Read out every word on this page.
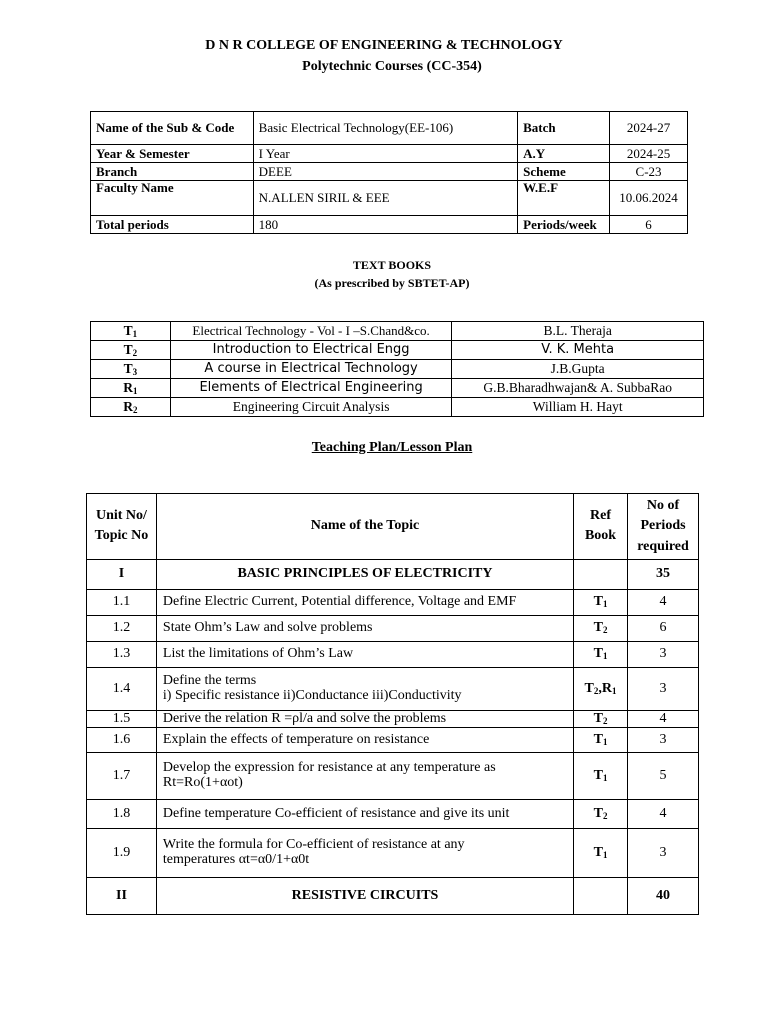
D N R COLLEGE OF ENGINEERING & TECHNOLOGY
Polytechnic Courses (CC-354)
Name of the Sub & Code	Basic Electrical Technology(EE-106)	Batch	2024-27
Year & Semester	I Year	A.Y	2024-25
Branch	DEEE	Scheme	C-23
Faculty Name	N.ALLEN SIRIL & EEE	W.E.F	10.06.2024
Total periods	180	Periods/week	6
TEXT BOOKS
(As prescribed by SBTET-AP)
$T_1$	Electrical Technology - Vol - I –S.Chand&co.	B.L. Theraja
$T_2$	Introduction to Electrical Engg	V. K. Mehta
$T_3$	A course in Electrical Technology	J.B.Gupta
$R_1$	Elements of Electrical Engineering	G.B.Bharadhwajan& A. SubbaRao
$R_2$	Engineering Circuit Analysis	William H. Hayt
Teaching Plan/Lesson Plan
Unit No/ Topic No	Name of the Topic	Ref Book	No of Periods required
I	BASIC PRINCIPLES OF ELECTRICITY		35
1.1	Define Electric Current, Potential difference, Voltage and EMF	$T_1$	4
1.2	State Ohm’s Law and solve problems	$T_2$	6
1.3	List the limitations of Ohm’s Law	$T_1$	3
1.4	Define the terms
i) Specific resistance ii)Conductance iii)Conductivity	$T_2,R_1$	3
1.5	Derive the relation R =ρl/a and solve the problems	$T_2$	4
1.6	Explain the effects of temperature on resistance	$T_1$	3
1.7	Develop the expression for resistance at any temperature as
Rt=Ro(1+αot)	$T_1$	5
1.8	Define temperature Co-efficient of resistance and give its unit	$T_2$	4
1.9	Write the formula for Co-efficient of resistance at any
temperatures αt=α0/1+α0t	$T_1$	3
II	RESISTIVE CIRCUITS		40
